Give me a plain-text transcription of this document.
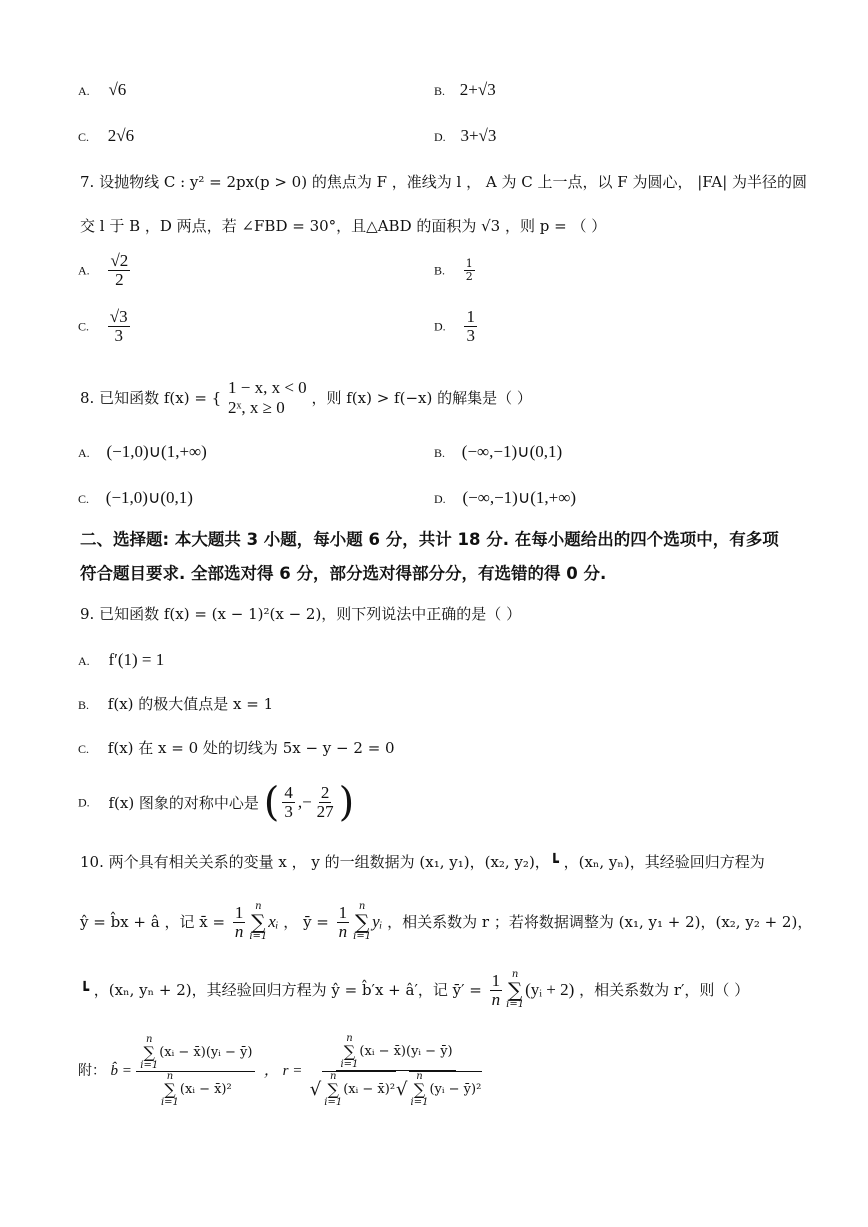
A. √6	B. 2+√3
C. 2√6	D. 3+√3
7. 设抛物线 C : y² = 2px(p > 0) 的焦点为 F ，准线为 l ， A 为 C 上一点，以 F 为圆心， |FA| 为半径的圆
交 l 于 B ，D 两点，若 ∠FBD = 30°，且△ABD 的面积为 √3 ，则 p = （ ）
A. $\frac{√2}{2}$	B. $\frac{1}{2}$
C. $\frac{√3}{3}$	D. $\frac{1}{3}$
8. 已知函数 f(x) = {
1 − x, x < 0
2ˣ, x ≥ 0	，则 f(x) > f(−x) 的解集是（ ）
A. (−1,0)∪(1,+∞)	B. (−∞,−1)∪(0,1)
C. (−1,0)∪(0,1)	D. (−∞,−1)∪(1,+∞)
二、选择题: 本大题共 3 小题，每小题 6 分，共计 18 分. 在每小题给出的四个选项中，有多项
符合题目要求. 全部选对得 6 分，部分选对得部分分，有选错的得 0 分.
9. 已知函数 f(x) = (x − 1)²(x − 2)，则下列说法中正确的是（ ）
A. f′(1) = 1
B. f(x) 的极大值点是 x = 1
C. f(x) 在 x = 0 处的切线为 5x − y − 2 = 0
D. f(x) 图象的对称中心是 ( $\frac{4}{3}$ ,− $\frac{2}{27}$ )
10. 两个具有相关关系的变量 x ， y 的一组数据为 (x₁, y₁)，(x₂, y₂)，┗ ，(xₙ, yₙ)，其经验回归方程为
ŷ = b̂x + â ，记 x̄ = $\frac{1}{n}$ n
∑
i=1
xᵢ ， ȳ = $\frac{1}{n}$ n
∑
i=1
yᵢ ，相关系数为 r ；若将数据调整为 (x₁, y₁ + 2)，(x₂, y₂ + 2)，
┗ ，(xₙ, yₙ + 2)，其经验回归方程为 ŷ = b̂′x + â′，记 ȳ′ = $\frac{1}{n}$ n
∑
i=1
(yᵢ + 2) ，相关系数为 r′，则（ ）
附： b̂ = n
∑
i=1
(xᵢ − x̄)(yᵢ − ȳ)
n
∑
i=1
(xᵢ − x̄)² ， r =
n
∑
i=1
(xᵢ − x̄)(yᵢ − ȳ)
√
n
∑
i=1
(xᵢ − x̄)²√
n
∑
i=1
(yᵢ − ȳ)²
